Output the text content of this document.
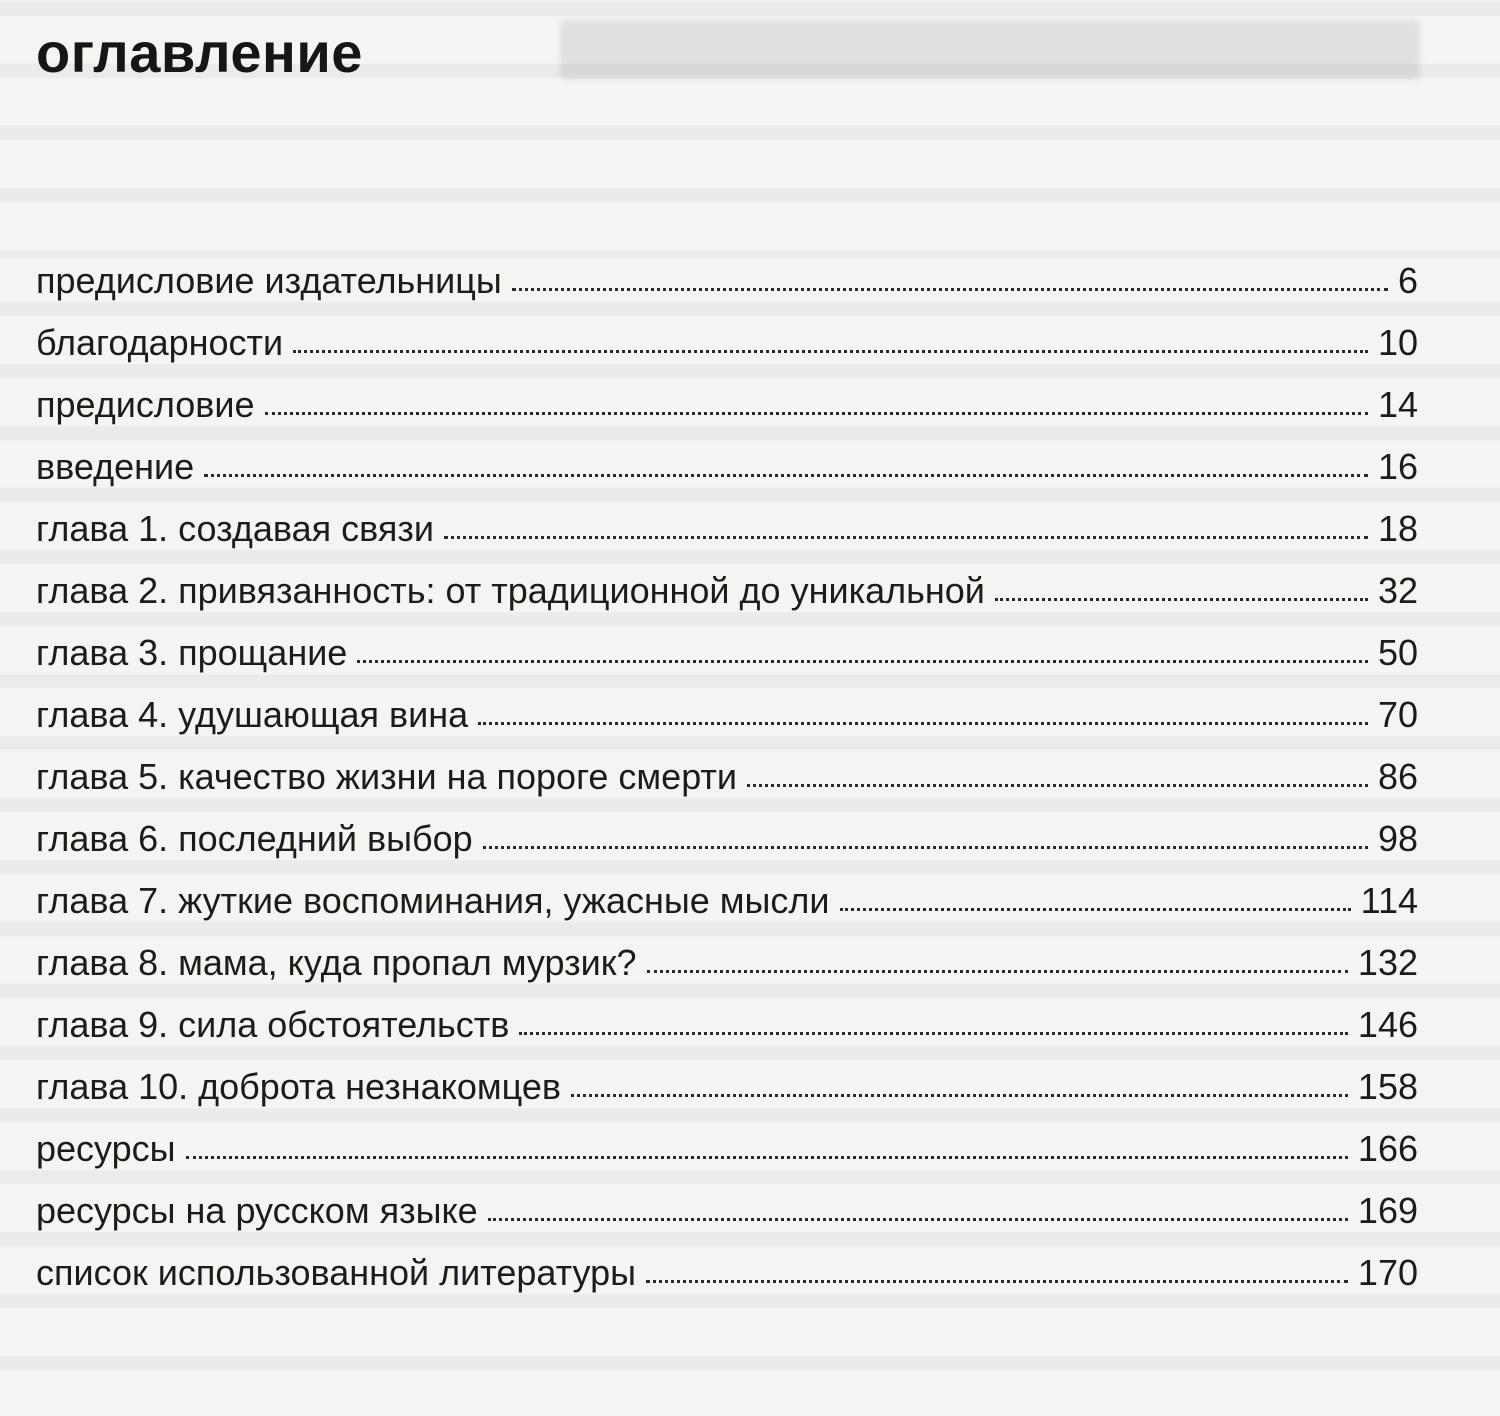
оглавление
предисловие издательницы	6
благодарности	10
предисловие	14
введение	16
глава 1. создавая связи	18
глава 2. привязанность: от традиционной до уникальной	32
глава 3. прощание	50
глава 4. удушающая вина	70
глава 5. качество жизни на пороге смерти	86
глава 6. последний выбор	98
глава 7. жуткие воспоминания, ужасные мысли	114
глава 8. мама, куда пропал мурзик?	132
глава 9. сила обстоятельств	146
глава 10. доброта незнакомцев	158
ресурсы	166
ресурсы на русском языке	169
список использованной литературы	170
